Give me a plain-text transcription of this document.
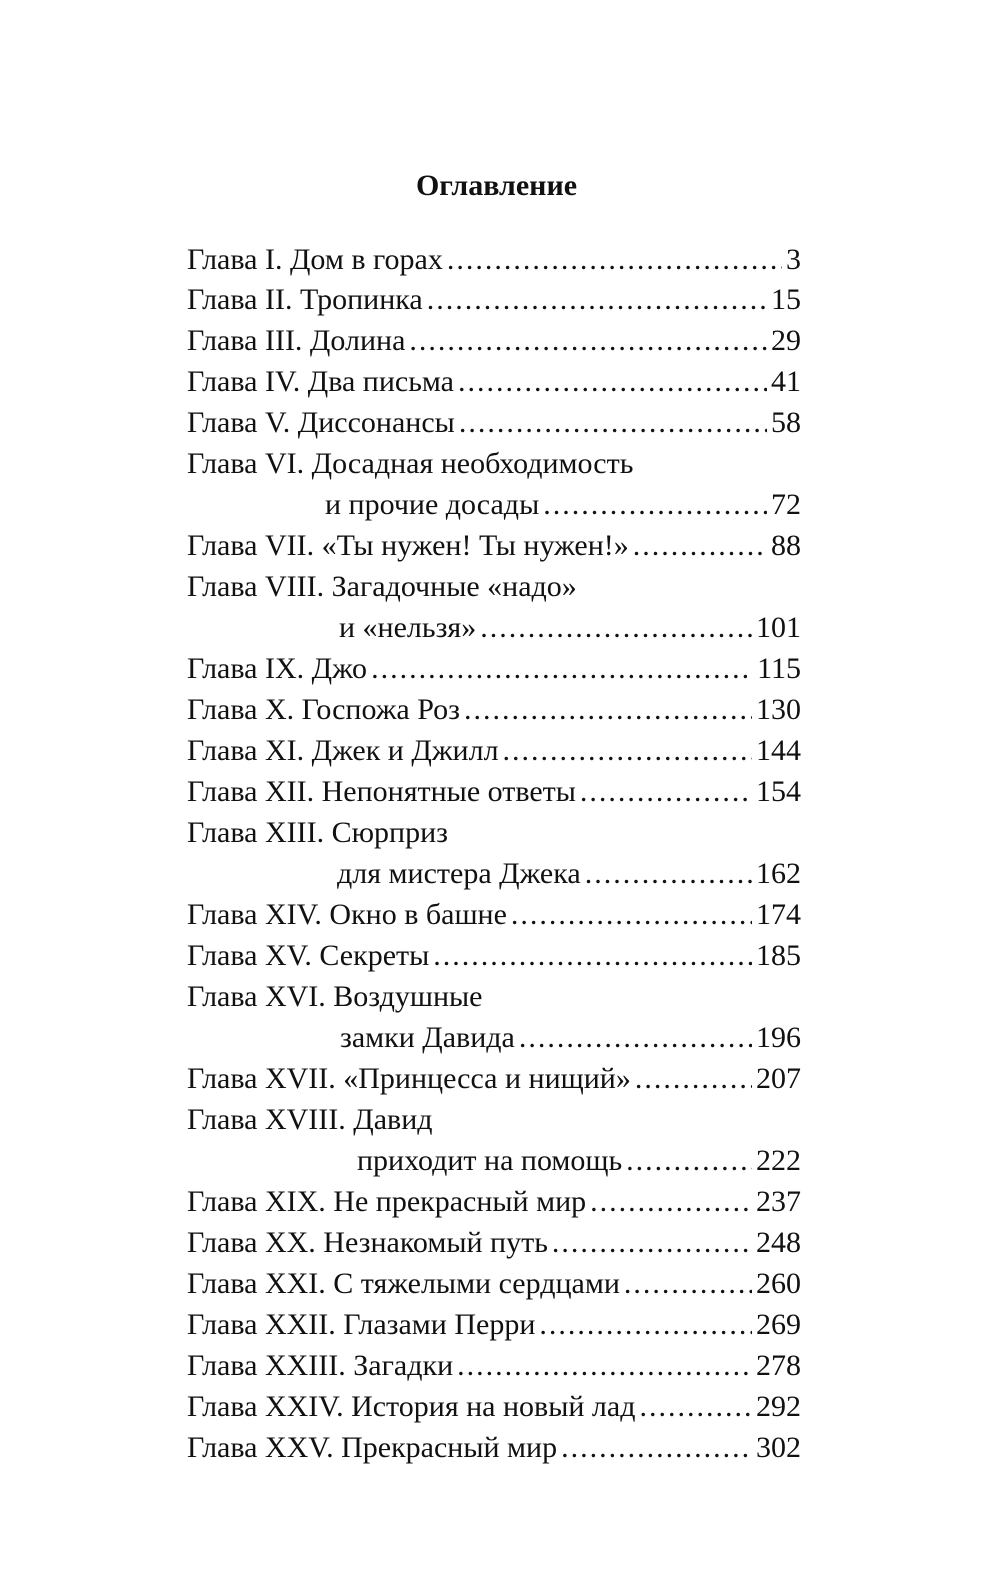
Оглавление
Глава I. Дом в горах .....	3
Глава II. Тропинка .....	15
Глава III. Долина .....	29
Глава IV. Два письма .....	41
Глава V. Диссонансы .....	58
Глава VI. Досадная необходимость
и прочие досады .....	72
Глава VII. «Ты нужен! Ты нужен!» .....	88
Глава VIII. Загадочные «надо»
и «нельзя» .....	101
Глава IX. Джо .....	115
Глава X. Госпожа Роз .....	130
Глава XI. Джек и Джилл .....	144
Глава XII. Непонятные ответы .....	154
Глава XIII. Сюрприз
для мистера Джека .....	162
Глава XIV. Окно в башне .....	174
Глава XV. Секреты .....	185
Глава XVI. Воздушные
замки Давида .....	196
Глава XVII. «Принцесса и нищий» .....	207
Глава XVIII. Давид
приходит на помощь .....	222
Глава XIX. Не прекрасный мир .....	237
Глава XX. Незнакомый путь .....	248
Глава XXI. С тяжелыми сердцами .....	260
Глава XXII. Глазами Перри .....	269
Глава XXIII. Загадки .....	278
Глава XXIV. История на новый лад .....	292
Глава XXV. Прекрасный мир .....	302
